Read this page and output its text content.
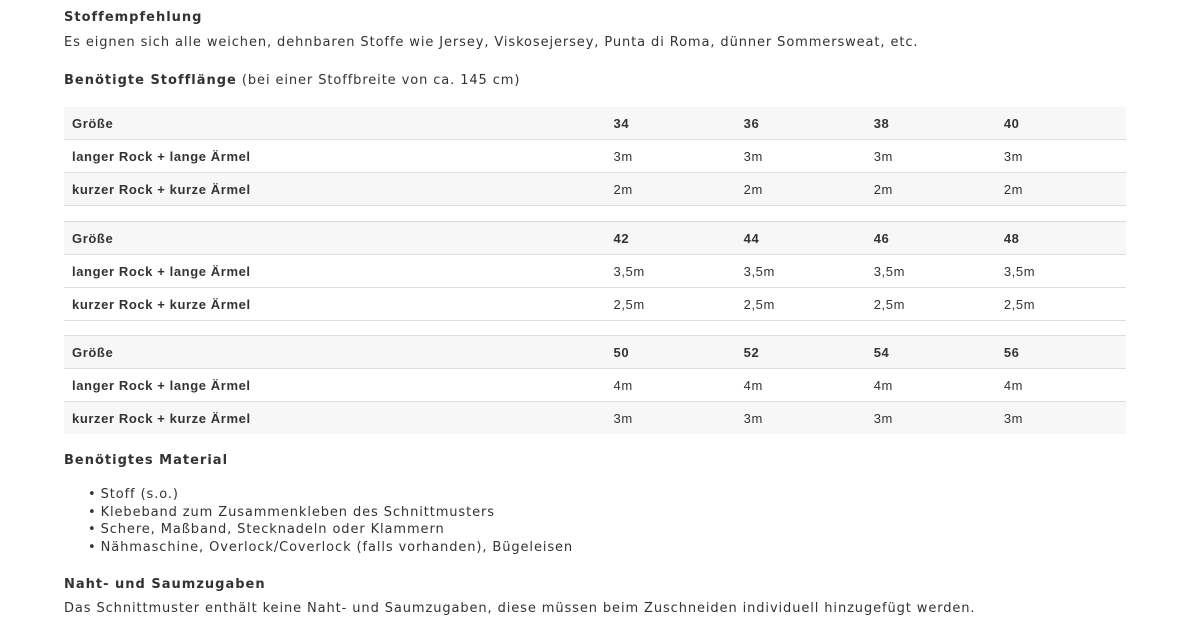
Stoffempfehlung

Es eignen sich alle weichen, dehnbaren Stoffe wie Jersey, Viskosejersey, Punta di Roma, dünner Sommersweat, etc.

Benötigte Stofflänge (bei einer Stoffbreite von ca. 145 cm)
Größe	34	36	38	40
langer Rock + lange Ärmel	3m	3m	3m	3m
kurzer Rock + kurze Ärmel	2m	2m	2m	2m
Größe	42	44	46	48
langer Rock + lange Ärmel	3,5m	3,5m	3,5m	3,5m
kurzer Rock + kurze Ärmel	2,5m	2,5m	2,5m	2,5m
Größe	50	52	54	56
langer Rock + lange Ärmel	4m	4m	4m	4m
kurzer Rock + kurze Ärmel	3m	3m	3m	3m
Benötigtes Material
• Stoff (s.o.)
• Klebeband zum Zusammenkleben des Schnittmusters
• Schere, Maßband, Stecknadeln oder Klammern
• Nähmaschine, Overlock/Coverlock (falls vorhanden), Bügeleisen
Naht- und Saumzugaben

Das Schnittmuster enthält keine Naht- und Saumzugaben, diese müssen beim Zuschneiden individuell hinzugefügt werden.
